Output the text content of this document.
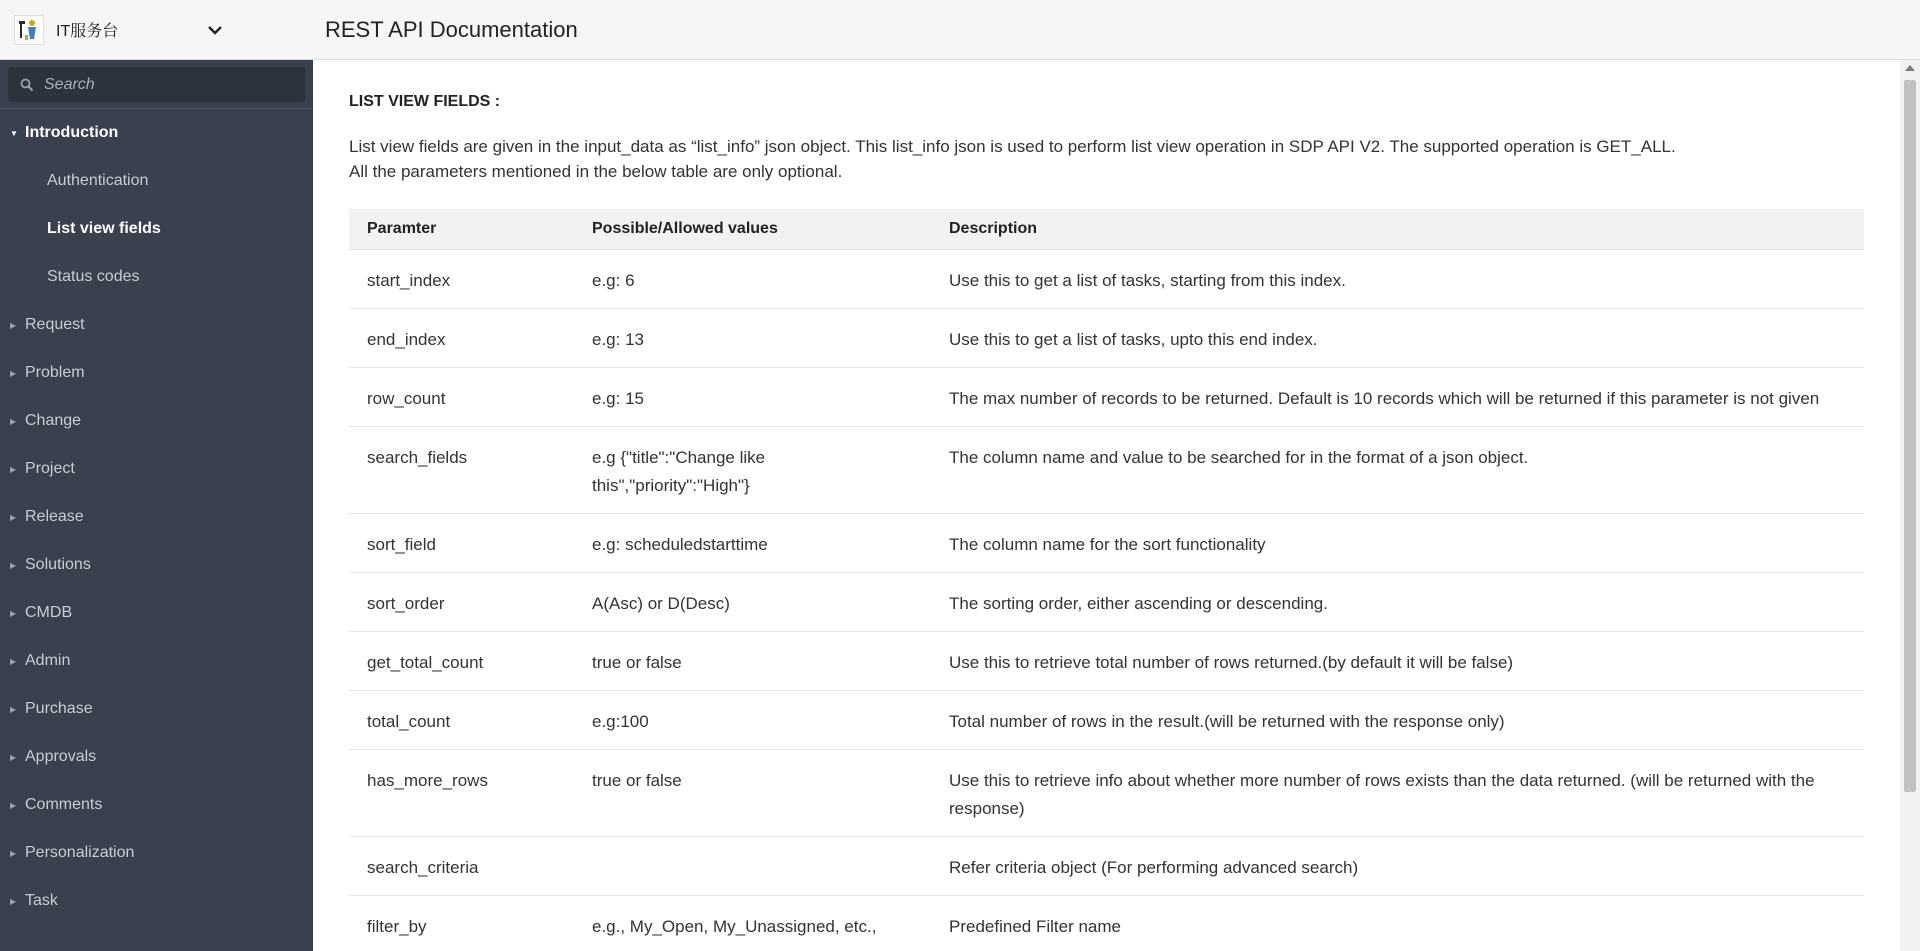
IT服务台	REST API Documentation
Search
▼ Introduction
Authentication
List view fields
Status codes
▶ Request
▶ Problem
▶ Change
▶ Project
▶ Release
▶ Solutions
▶ CMDB
▶ Admin
▶ Purchase
▶ Approvals
▶ Comments
▶ Personalization
▶ Task
LIST VIEW FIELDS :
List view fields are given in the input_data as “list_info” json object. This list_info json is used to perform list view operation in SDP API V2. The supported operation is GET_ALL.
All the parameters mentioned in the below table are only optional.
Paramter	Possible/Allowed values	Description
start_index	e.g: 6	Use this to get a list of tasks, starting from this index.
end_index	e.g: 13	Use this to get a list of tasks, upto this end index.
row_count	e.g: 15	The max number of records to be returned. Default is 10 records which will be returned if this parameter is not given
search_fields	e.g {"title":"Change like this","priority":"High"}	The column name and value to be searched for in the format of a json object.
sort_field	e.g: scheduledstarttime	The column name for the sort functionality
sort_order	A(Asc) or D(Desc)	The sorting order, either ascending or descending.
get_total_count	true or false	Use this to retrieve total number of rows returned.(by default it will be false)
total_count	e.g:100	Total number of rows in the result.(will be returned with the response only)
has_more_rows	true or false	Use this to retrieve info about whether more number of rows exists than the data returned. (will be returned with the response)
search_criteria		Refer criteria object (For performing advanced search)
filter_by	e.g., My_Open, My_Unassigned, etc.,	Predefined Filter name
